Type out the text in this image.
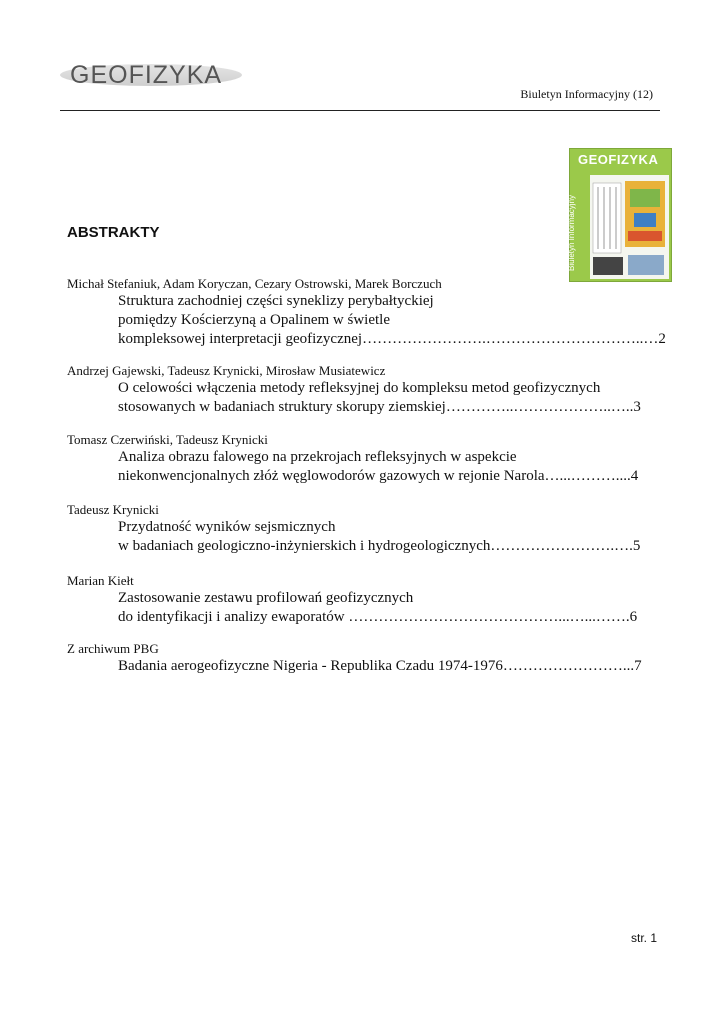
GEOFIZYKA
Biuletyn Informacyjny (12)
GEOFIZYKA
Biuletyn Informacyjny
ABSTRAKTY
Michał Stefaniuk, Adam Koryczan, Cezary Ostrowski, Marek Borczuch
Struktura zachodniej części syneklizy perybałtyckiej
pomiędzy Kościerzyną a Opalinem w świetle
kompleksowej interpretacji geofizycznej…………………….…………………………..…2
Andrzej Gajewski, Tadeusz Krynicki, Mirosław Musiatewicz
O celowości włączenia metody refleksyjnej do kompleksu metod geofizycznych
stosowanych w badaniach struktury skorupy ziemskiej…………..………………..…..3
Tomasz Czerwiński, Tadeusz Krynicki
Analiza obrazu falowego na przekrojach refleksyjnych w aspekcie
niekonwencjonalnych złóż węglowodorów gazowych w rejonie Narola…...………....4
Tadeusz Krynicki
Przydatność wyników sejsmicznych
w badaniach geologiczno-inżynierskich i hydrogeologicznych…………………….….5
Marian Kiełt
Zastosowanie zestawu profilowań geofizycznych
do identyfikacji i analizy ewaporatów ……………………………………...…...…….6
Z archiwum PBG
Badania aerogeofizyczne Nigeria - Republika Czadu 1974-1976……………………...7
str. 1
